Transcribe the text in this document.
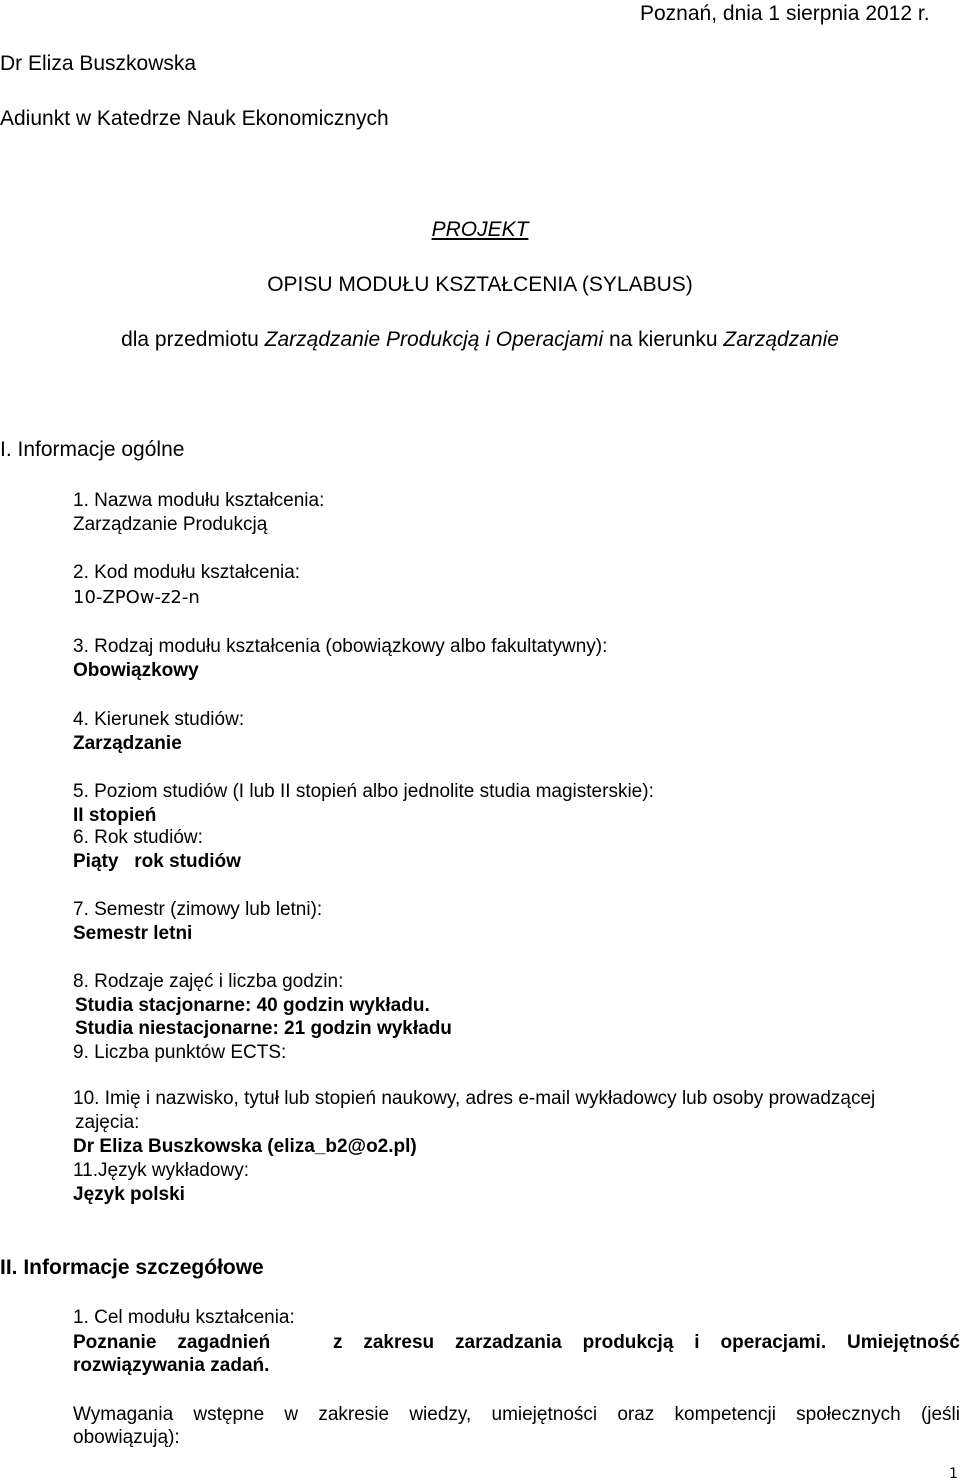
Poznań, dnia 1 sierpnia 2012 r.
Dr Eliza Buszkowska
Adiunkt w Katedrze Nauk Ekonomicznych
PROJEKT
OPISU MODUŁU KSZTAŁCENIA (SYLABUS)
dla przedmiotu Zarządzanie Produkcją i Operacjami na kierunku Zarządzanie
I. Informacje ogólne
1. Nazwa modułu kształcenia:
Zarządzanie Produkcją
2. Kod modułu kształcenia:
10-ZPOw-z2-n
3. Rodzaj modułu kształcenia (obowiązkowy albo fakultatywny):
Obowiązkowy
4. Kierunek studiów:
Zarządzanie
5. Poziom studiów (I lub II stopień albo jednolite studia magisterskie):
II stopień
6. Rok studiów:
Piąty   rok studiów
7. Semestr (zimowy lub letni):
Semestr letni
8. Rodzaje zajęć i liczba godzin:
Studia stacjonarne: 40 godzin wykładu.
Studia niestacjonarne: 21 godzin wykładu
9. Liczba punktów ECTS:
10. Imię i nazwisko, tytuł lub stopień naukowy, adres e-mail wykładowcy lub osoby prowadzącej
zajęcia:
Dr Eliza Buszkowska (eliza_b2@o2.pl)
11.Język wykładowy:
Język polski
II. Informacje szczegółowe
1. Cel modułu kształcenia:
Poznanie zagadnień   z zakresu zarzadzania produkcją i operacjami. Umiejętność
rozwiązywania zadań.
Wymagania wstępne w zakresie wiedzy, umiejętności oraz kompetencji społecznych (jeśli
obowiązują):
1
